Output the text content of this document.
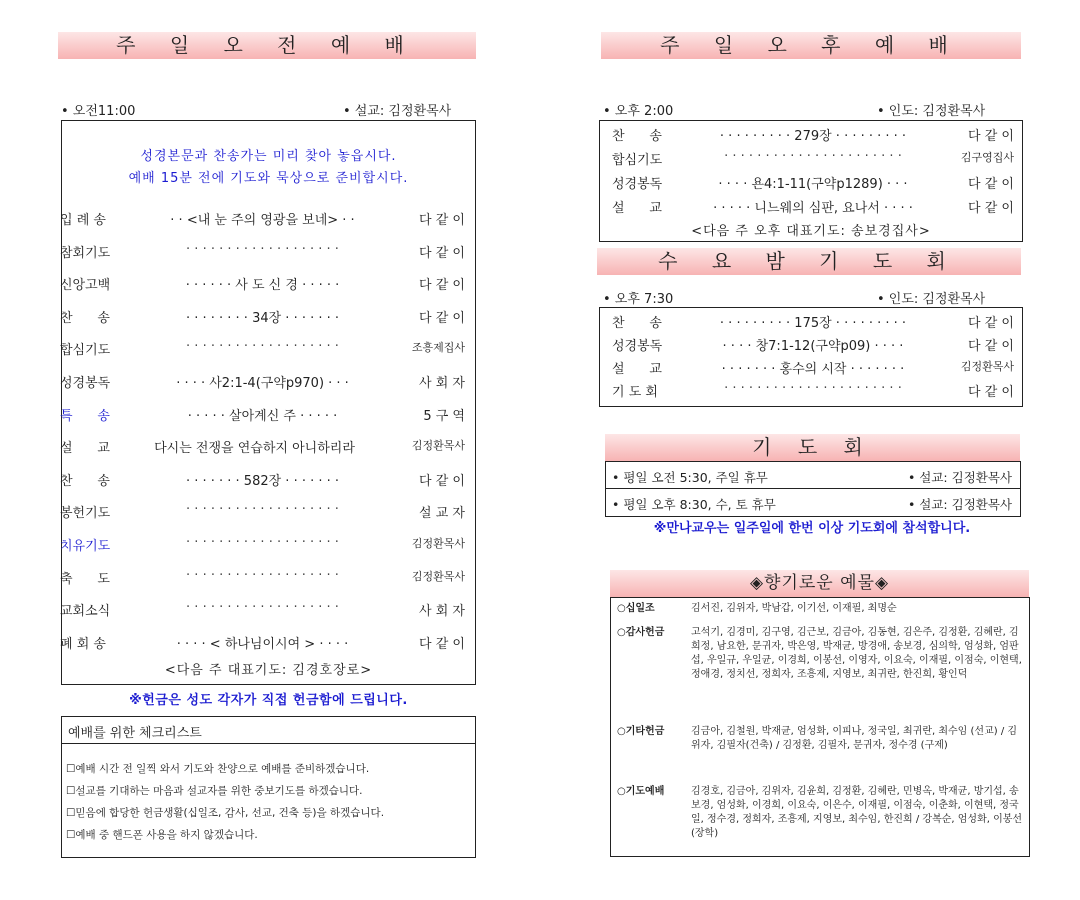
주 일 오 전 예 배
• 오전11:00	• 설교: 김정환목사
성경본문과 찬송가는 미리 찾아 놓읍시다.
예배 15분 전에 기도와 묵상으로 준비합시다.
입 례 송	· · <내 눈 주의 영광을 보네> · ·	다 같 이
참회기도	· · · · · · · · · · · · · · · · · · ·	다 같 이
신앙고백	· · · · · · 사 도 신 경 · · · · ·	다 같 이
찬      송	· · · · · · · · 34장 · · · · · · ·	다 같 이
합심기도	· · · · · · · · · · · · · · · · · · ·	조흥제집사
성경봉독	· · · · 사2:1-4(구약p970) · · ·	사 회 자
특      송	· · · · · 살아계신 주 · · · · ·	5 구 역
설      교	다시는 전쟁을 연습하지 아니하리라	김정환목사
찬      송	· · · · · · · 582장 · · · · · · ·	다 같 이
봉헌기도	· · · · · · · · · · · · · · · · · · ·	설 교 자
치유기도	· · · · · · · · · · · · · · · · · · ·	김정환목사
축      도	· · · · · · · · · · · · · · · · · · ·	김정환목사
교회소식	· · · · · · · · · · · · · · · · · · ·	사 회 자
폐 회 송	· · · · < 하나님이시여 > · · · ·	다 같 이
<다음 주 대표기도: 김경호장로>
※헌금은 성도 각자가 직접 헌금함에 드립니다.
예배를 위한 체크리스트
☐예배 시간 전 일찍 와서 기도와 찬양으로 예배를 준비하겠습니다.
☐설교를 기대하는 마음과 설교자를 위한 중보기도를 하겠습니다.
☐믿음에 합당한 헌금생활(십일조, 감사, 선교, 건축 등)을 하겠습니다.
☐예배 중 핸드폰 사용을 하지 않겠습니다.
주 일 오 후 예 배
• 오후 2:00	• 인도: 김정환목사
찬      송	· · · · · · · · · 279장 · · · · · · · · ·	다 같 이
합심기도	· · · · · · · · · · · · · · · · · · · · · ·	김구영집사
성경봉독	· · · · 욘4:1-11(구약p1289) · · ·	다 같 이
설      교	· · · · · 니느웨의 심판, 요나서 · · · ·	다 같 이
<다음 주 오후 대표기도: 송보경집사>
수 요 밤 기 도 회
• 오후 7:30	• 인도: 김정환목사
찬      송	· · · · · · · · · 175장 · · · · · · · · ·	다 같 이
성경봉독	· · · · 창7:1-12(구약p09) · · · ·	다 같 이
설      교	· · · · · · · 홍수의 시작 · · · · · · ·	김정환목사
기 도 회	· · · · · · · · · · · · · · · · · · · · · ·	다 같 이
기 도 회
• 평일 오전 5:30, 주일 휴무	• 설교: 김정환목사
• 평일 오후 8:30, 수, 토 휴무	• 설교: 김정환목사
※만나교우는 일주일에 한번 이상 기도회에 참석합니다.
◈향기로운 예물◈
○십일조	김서진, 김위자, 박남갑, 이기선, 이재필, 최명순
○감사헌금	고석기, 김경미, 김구영, 김근보, 김금아, 김동현, 김은주, 김정환, 김혜란, 김희정, 남요한, 문귀자, 박은영, 박재균, 방경애, 송보경, 심의학, 엄성화, 엄판섭, 우일규, 우일균, 이경희, 이봉선, 이영자, 이요숙, 이재필, 이점숙, 이현택, 정애경, 정치선, 정희자, 조흥제, 지영보, 최귀란, 한진희, 황인덕
○기타헌금	김금아, 김철원, 박재균, 엄성화, 이피나, 정국일, 최귀란, 최수임 (선교) / 김위자, 김필자(건축) / 김정환, 김필자, 문귀자, 정수경 (구제)
○기도예배	김경호, 김금아, 김위자, 김윤희, 김정환, 김혜란, 민병옥, 박재균, 방기섭, 송보경, 엄성화, 이경희, 이요숙, 이은수, 이재필, 이점숙, 이춘화, 이현택, 정국일, 정수경, 정희자, 조흥제, 지영보, 최수임, 한진희 / 강복순, 엄성화, 이봉선(장학)
